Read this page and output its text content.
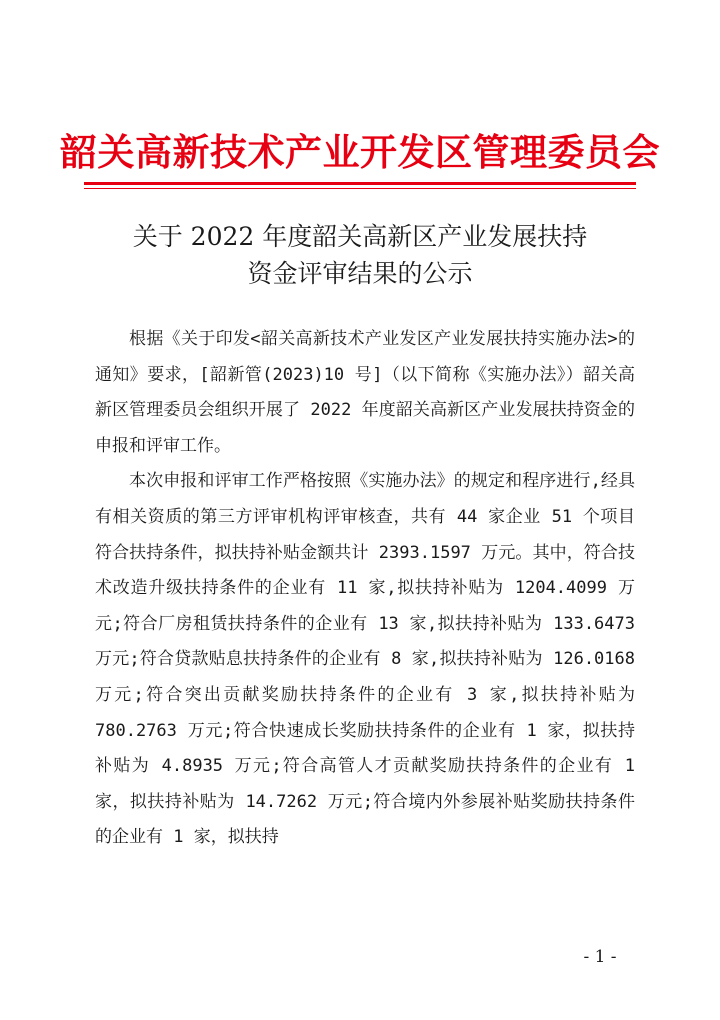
韶关高新技术产业开发区管理委员会
关于 2022 年度韶关高新区产业发展扶持
资金评审结果的公示

根据《关于印发<韶关高新技术产业发区产业发展扶持实施办法>的通知》要求，[韶新管(2023)10 号]（以下简称《实施办法》）韶关高新区管理委员会组织开展了 2022 年度韶关高新区产业发展扶持资金的申报和评审工作。

本次申报和评审工作严格按照《实施办法》的规定和程序进行,经具有相关资质的第三方评审机构评审核查，共有 44 家企业 51 个项目符合扶持条件，拟扶持补贴金额共计 2393.1597 万元。其中，符合技术改造升级扶持条件的企业有 11 家,拟扶持补贴为 1204.4099 万元;符合厂房租赁扶持条件的企业有 13 家,拟扶持补贴为 133.6473 万元;符合贷款贴息扶持条件的企业有 8 家,拟扶持补贴为 126.0168 万元;符合突出贡献奖励扶持条件的企业有 3 家,拟扶持补贴为 780.2763 万元;符合快速成长奖励扶持条件的企业有 1 家，拟扶持补贴为 4.8935 万元;符合高管人才贡献奖励扶持条件的企业有 1 家，拟扶持补贴为 14.7262 万元;符合境内外参展补贴奖励扶持条件的企业有 1 家，拟扶持

- 1 -
